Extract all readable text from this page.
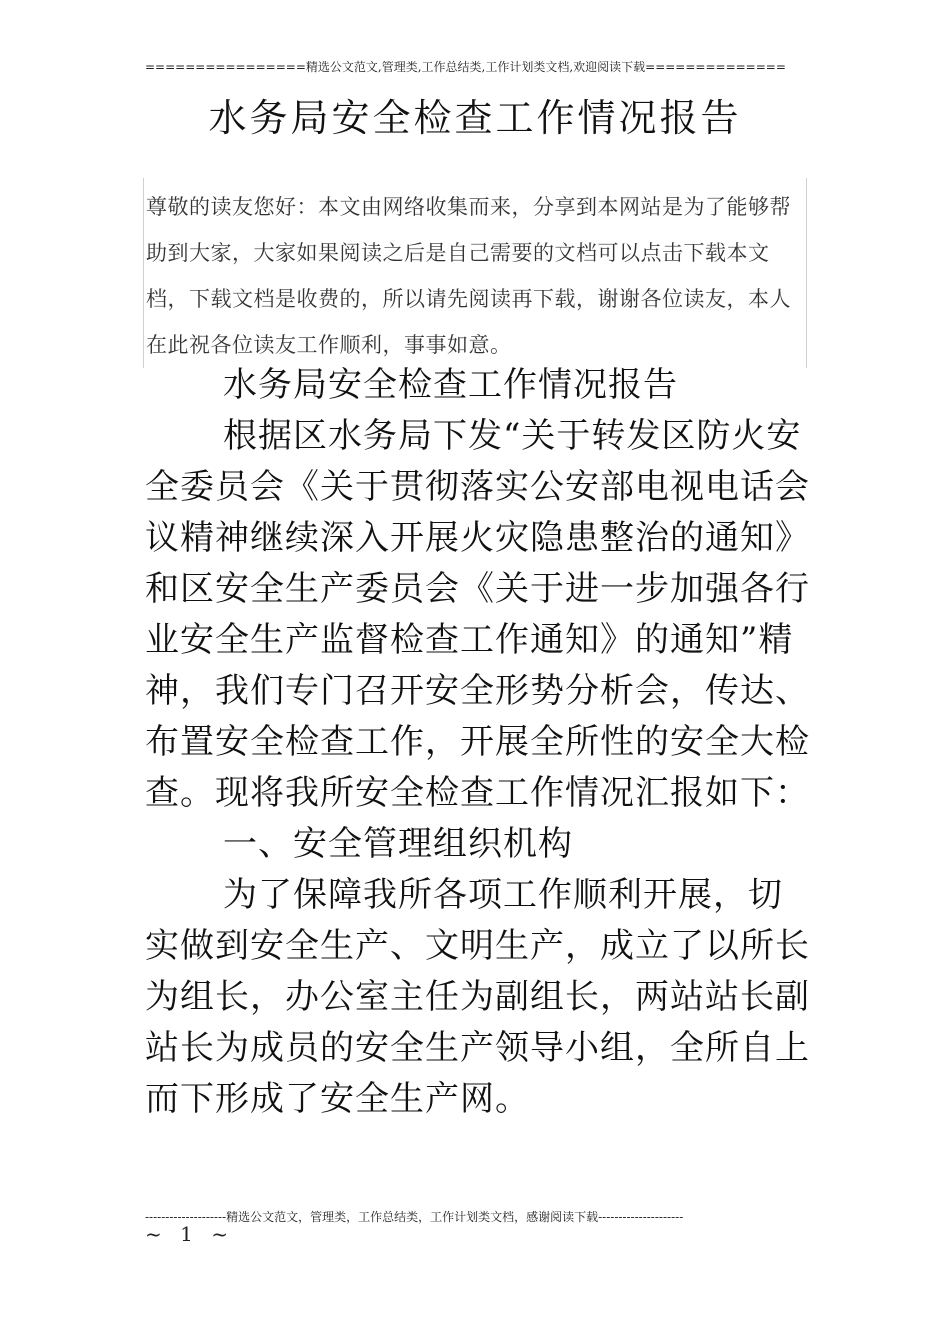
================精选公文范文,管理类,工作总结类,工作计划类文档,欢迎阅读下载==============
水务局安全检查工作情况报告

尊敬的读友您好：本文由网络收集而来，分享到本网站是为了能够帮助到大家，大家如果阅读之后是自己需要的文档可以点击下载本文档，下载文档是收费的，所以请先阅读再下载，谢谢各位读友，本人在此祝各位读友工作顺利，事事如意。

水务局安全检查工作情况报告

根据区水务局下发“关于转发区防火安全委员会《关于贯彻落实公安部电视电话会议精神继续深入开展火灾隐患整治的通知》和区安全生产委员会《关于进一步加强各行业安全生产监督检查工作通知》的通知”精神，我们专门召开安全形势分析会，传达、布置安全检查工作，开展全所性的安全大检查。现将我所安全检查工作情况汇报如下：

一、安全管理组织机构

为了保障我所各项工作顺利开展，切实做到安全生产、文明生产，成立了以所长为组长，办公室主任为副组长，两站站长副站长为成员的安全生产领导小组，全所自上而下形成了安全生产网。

--------------------精选公文范文，管理类，工作总结类，工作计划类文档，感谢阅读下载---------------------
~ 1 ~
